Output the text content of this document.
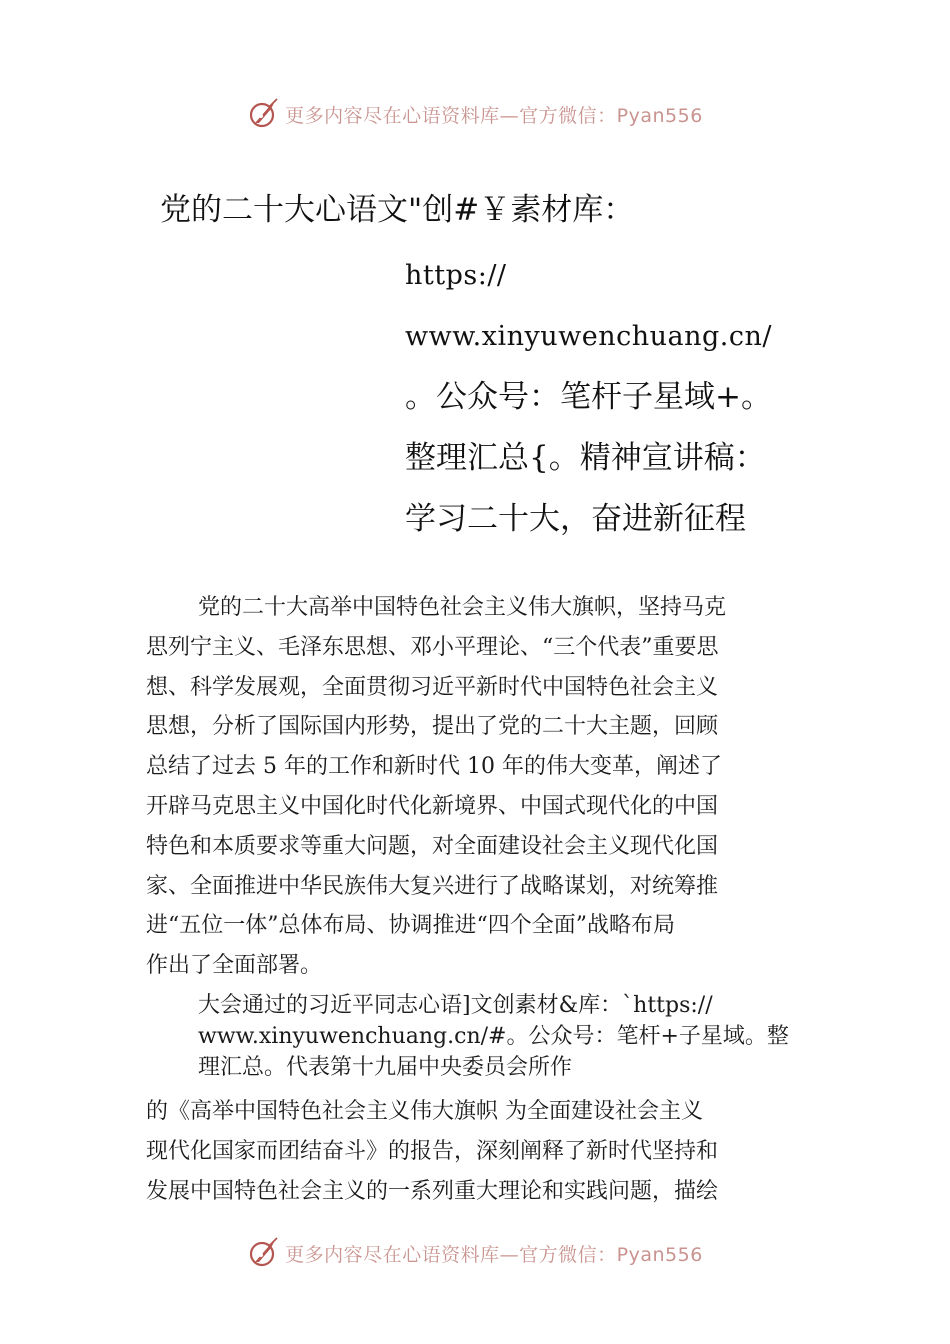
更多内容尽在心语资料库—官方微信：Pyan556
党的二十大心语文"创#￥素材库：
https://
www.xinyuwenchuang.cn/
。公众号：笔杆子星域+。
整理汇总{。精神宣讲稿：
学习二十大，奋进新征程
党的二十大高举中国特色社会主义伟大旗帜，坚持马克
思列宁主义、毛泽东思想、邓小平理论、“三个代表”重要思
想、科学发展观，全面贯彻习近平新时代中国特色社会主义
思想，分析了国际国内形势，提出了党的二十大主题，回顾
总结了过去 5 年的工作和新时代 10 年的伟大变革，阐述了
开辟马克思主义中国化时代化新境界、中国式现代化的中国
特色和本质要求等重大问题，对全面建设社会主义现代化国
家、全面推进中华民族伟大复兴进行了战略谋划，对统筹推
进“五位一体”总体布局、协调推进“四个全面”战略布局
作出了全面部署。
大会通过的习近平同志心语]文创素材&库：`https://
www.xinyuwenchuang.cn/#。公众号：笔杆+子星域。整
理汇总。代表第十九届中央委员会所作
的《高举中国特色社会主义伟大旗帜 为全面建设社会主义
现代化国家而团结奋斗》的报告，深刻阐释了新时代坚持和
发展中国特色社会主义的一系列重大理论和实践问题，描绘
更多内容尽在心语资料库—官方微信：Pyan556
